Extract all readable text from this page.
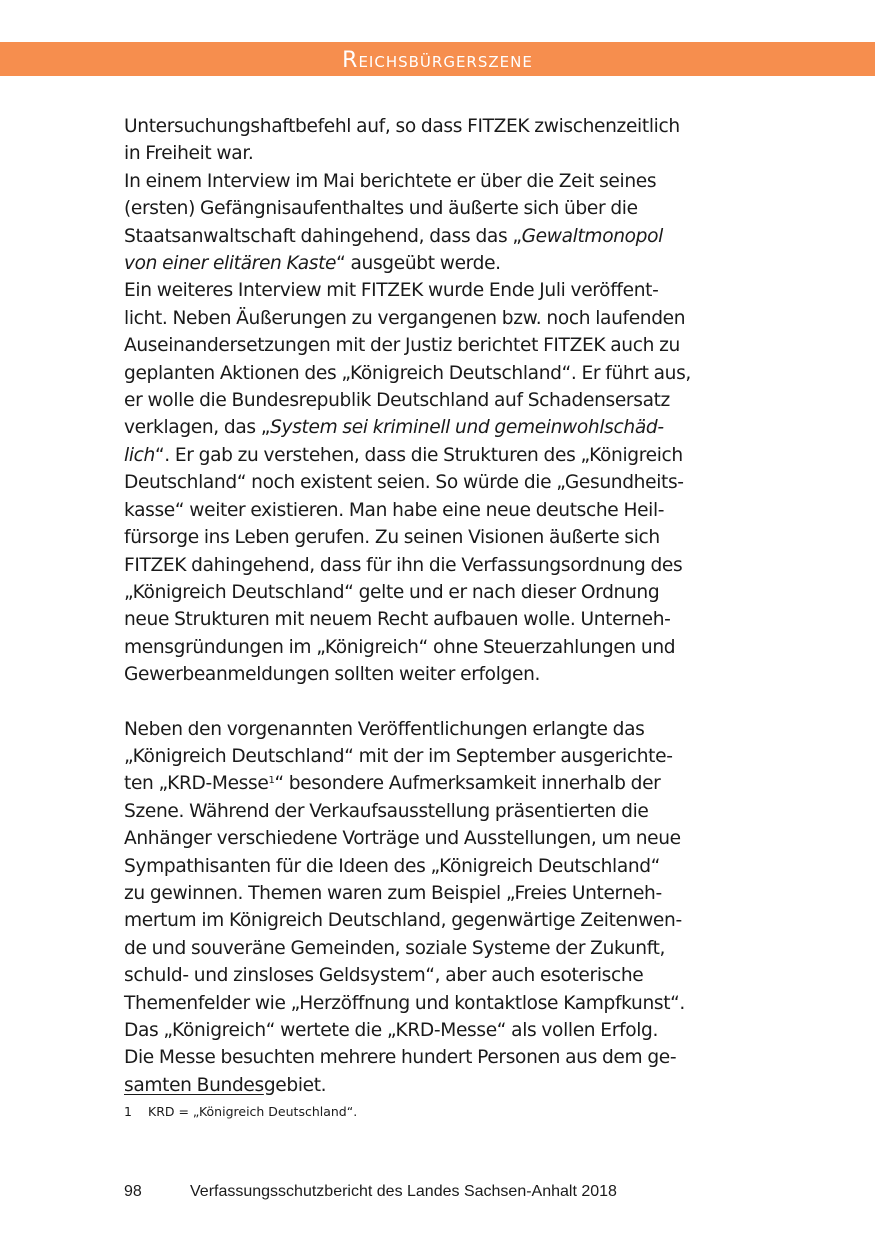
Reichsbürgerszene

Untersuchungshaftbefehl auf, so dass FITZEK zwischenzeitlich
in Freiheit war.
In einem Interview im Mai berichtete er über die Zeit seines
(ersten) Gefängnisaufenthaltes und äußerte sich über die
Staatsanwaltschaft dahingehend, dass das „Gewaltmonopol
von einer elitären Kaste“ ausgeübt werde.
Ein weiteres Interview mit FITZEK wurde Ende Juli veröffent-
licht. Neben Äußerungen zu vergangenen bzw. noch laufenden
Auseinandersetzungen mit der Justiz berichtet FITZEK auch zu
geplanten Aktionen des „Königreich Deutschland“. Er führt aus,
er wolle die Bundesrepublik Deutschland auf Schadensersatz
verklagen, das „System sei kriminell und gemeinwohlschäd-
lich“. Er gab zu verstehen, dass die Strukturen des „Königreich
Deutschland“ noch existent seien. So würde die „Gesundheits-
kasse“ weiter existieren. Man habe eine neue deutsche Heil-
fürsorge ins Leben gerufen. Zu seinen Visionen äußerte sich
FITZEK dahingehend, dass für ihn die Verfassungsordnung des
„Königreich Deutschland“ gelte und er nach dieser Ordnung
neue Strukturen mit neuem Recht aufbauen wolle. Unterneh-
mensgründungen im „Königreich“ ohne Steuerzahlungen und
Gewerbeanmeldungen sollten weiter erfolgen.

Neben den vorgenannten Veröffentlichungen erlangte das
„Königreich Deutschland“ mit der im September ausgerichte-
ten „KRD-Messe$^1$“ besondere Aufmerksamkeit innerhalb der
Szene. Während der Verkaufsausstellung präsentierten die
Anhänger verschiedene Vorträge und Ausstellungen, um neue
Sympathisanten für die Ideen des „Königreich Deutschland“
zu gewinnen. Themen waren zum Beispiel „Freies Unterneh-
mertum im Königreich Deutschland, gegenwärtige Zeitenwen-
de und souveräne Gemeinden, soziale Systeme der Zukunft,
schuld- und zinsloses Geldsystem“, aber auch esoterische
Themenfelder wie „Herzöffnung und kontaktlose Kampfkunst“.
Das „Königreich“ wertete die „KRD-Messe“ als vollen Erfolg.
Die Messe besuchten mehrere hundert Personen aus dem ge-
samten Bundesgebiet.

1 KRD = „Königreich Deutschland“.
98	Verfassungsschutzbericht des Landes Sachsen-Anhalt 2018
